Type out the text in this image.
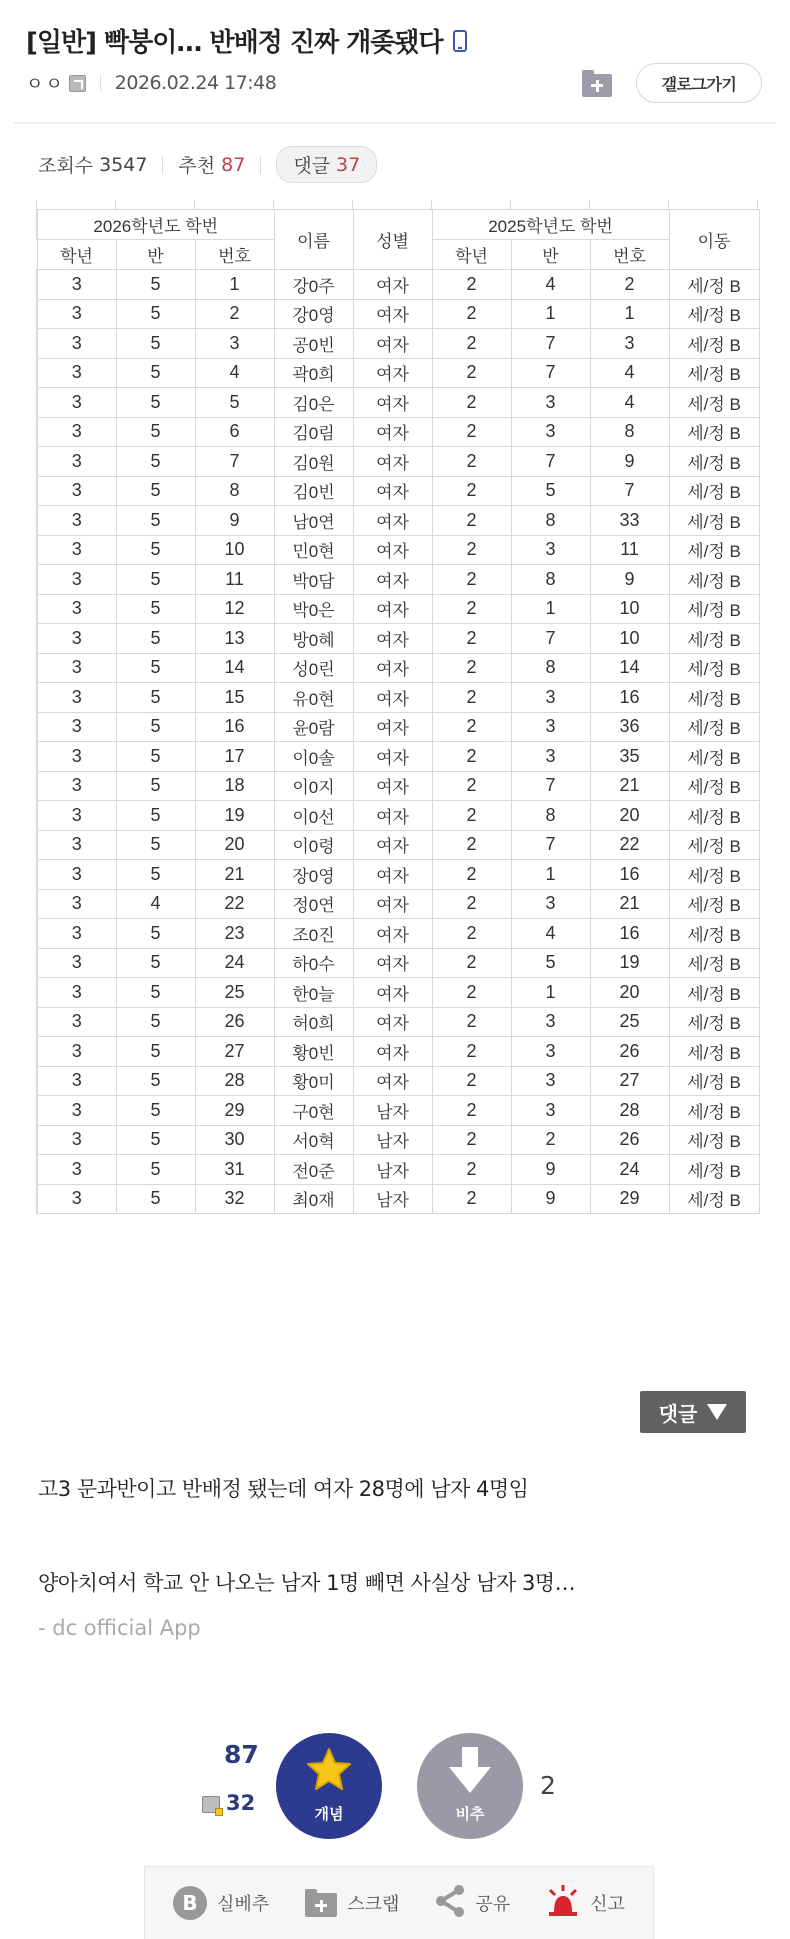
[일반] 빡붕이… 반배정 진짜 개좆됐다
ㅇㅇ	2026.02.24 17:48	갤로그가기
조회수 3547 추천 87	댓글 37
2026학년도 학번			이름	성별	2025학년도 학번			이동
학년	반	번호			학년	반	번호	
3	5	1	강0주	여자	2	4	2	세/정 B
3	5	2	강0영	여자	2	1	1	세/정 B
3	5	3	공0빈	여자	2	7	3	세/정 B
3	5	4	곽0희	여자	2	7	4	세/정 B
3	5	5	김0은	여자	2	3	4	세/정 B
3	5	6	김0림	여자	2	3	8	세/정 B
3	5	7	김0원	여자	2	7	9	세/정 B
3	5	8	김0빈	여자	2	5	7	세/정 B
3	5	9	남0연	여자	2	8	33	세/정 B
3	5	10	민0현	여자	2	3	11	세/정 B
3	5	11	박0담	여자	2	8	9	세/정 B
3	5	12	박0은	여자	2	1	10	세/정 B
3	5	13	방0혜	여자	2	7	10	세/정 B
3	5	14	성0린	여자	2	8	14	세/정 B
3	5	15	유0현	여자	2	3	16	세/정 B
3	5	16	윤0람	여자	2	3	36	세/정 B
3	5	17	이0솔	여자	2	3	35	세/정 B
3	5	18	이0지	여자	2	7	21	세/정 B
3	5	19	이0선	여자	2	8	20	세/정 B
3	5	20	이0령	여자	2	7	22	세/정 B
3	5	21	장0영	여자	2	1	16	세/정 B
3	4	22	정0연	여자	2	3	21	세/정 B
3	5	23	조0진	여자	2	4	16	세/정 B
3	5	24	하0수	여자	2	5	19	세/정 B
3	5	25	한0늘	여자	2	1	20	세/정 B
3	5	26	허0희	여자	2	3	25	세/정 B
3	5	27	황0빈	여자	2	3	26	세/정 B
3	5	28	황0미	여자	2	3	27	세/정 B
3	5	29	구0현	남자	2	3	28	세/정 B
3	5	30	서0혁	남자	2	2	26	세/정 B
3	5	31	전0준	남자	2	9	24	세/정 B
3	5	32	최0재	남자	2	9	29	세/정 B
댓글
고3 문과반이고 반배정 됐는데 여자 28명에 남자 4명임
양아치여서 학교 안 나오는 남자 1명 빼면 사실상 남자 3명…
- dc official App
87
32	개념	비추
2
B	실베추	스크랩	공유	신고
